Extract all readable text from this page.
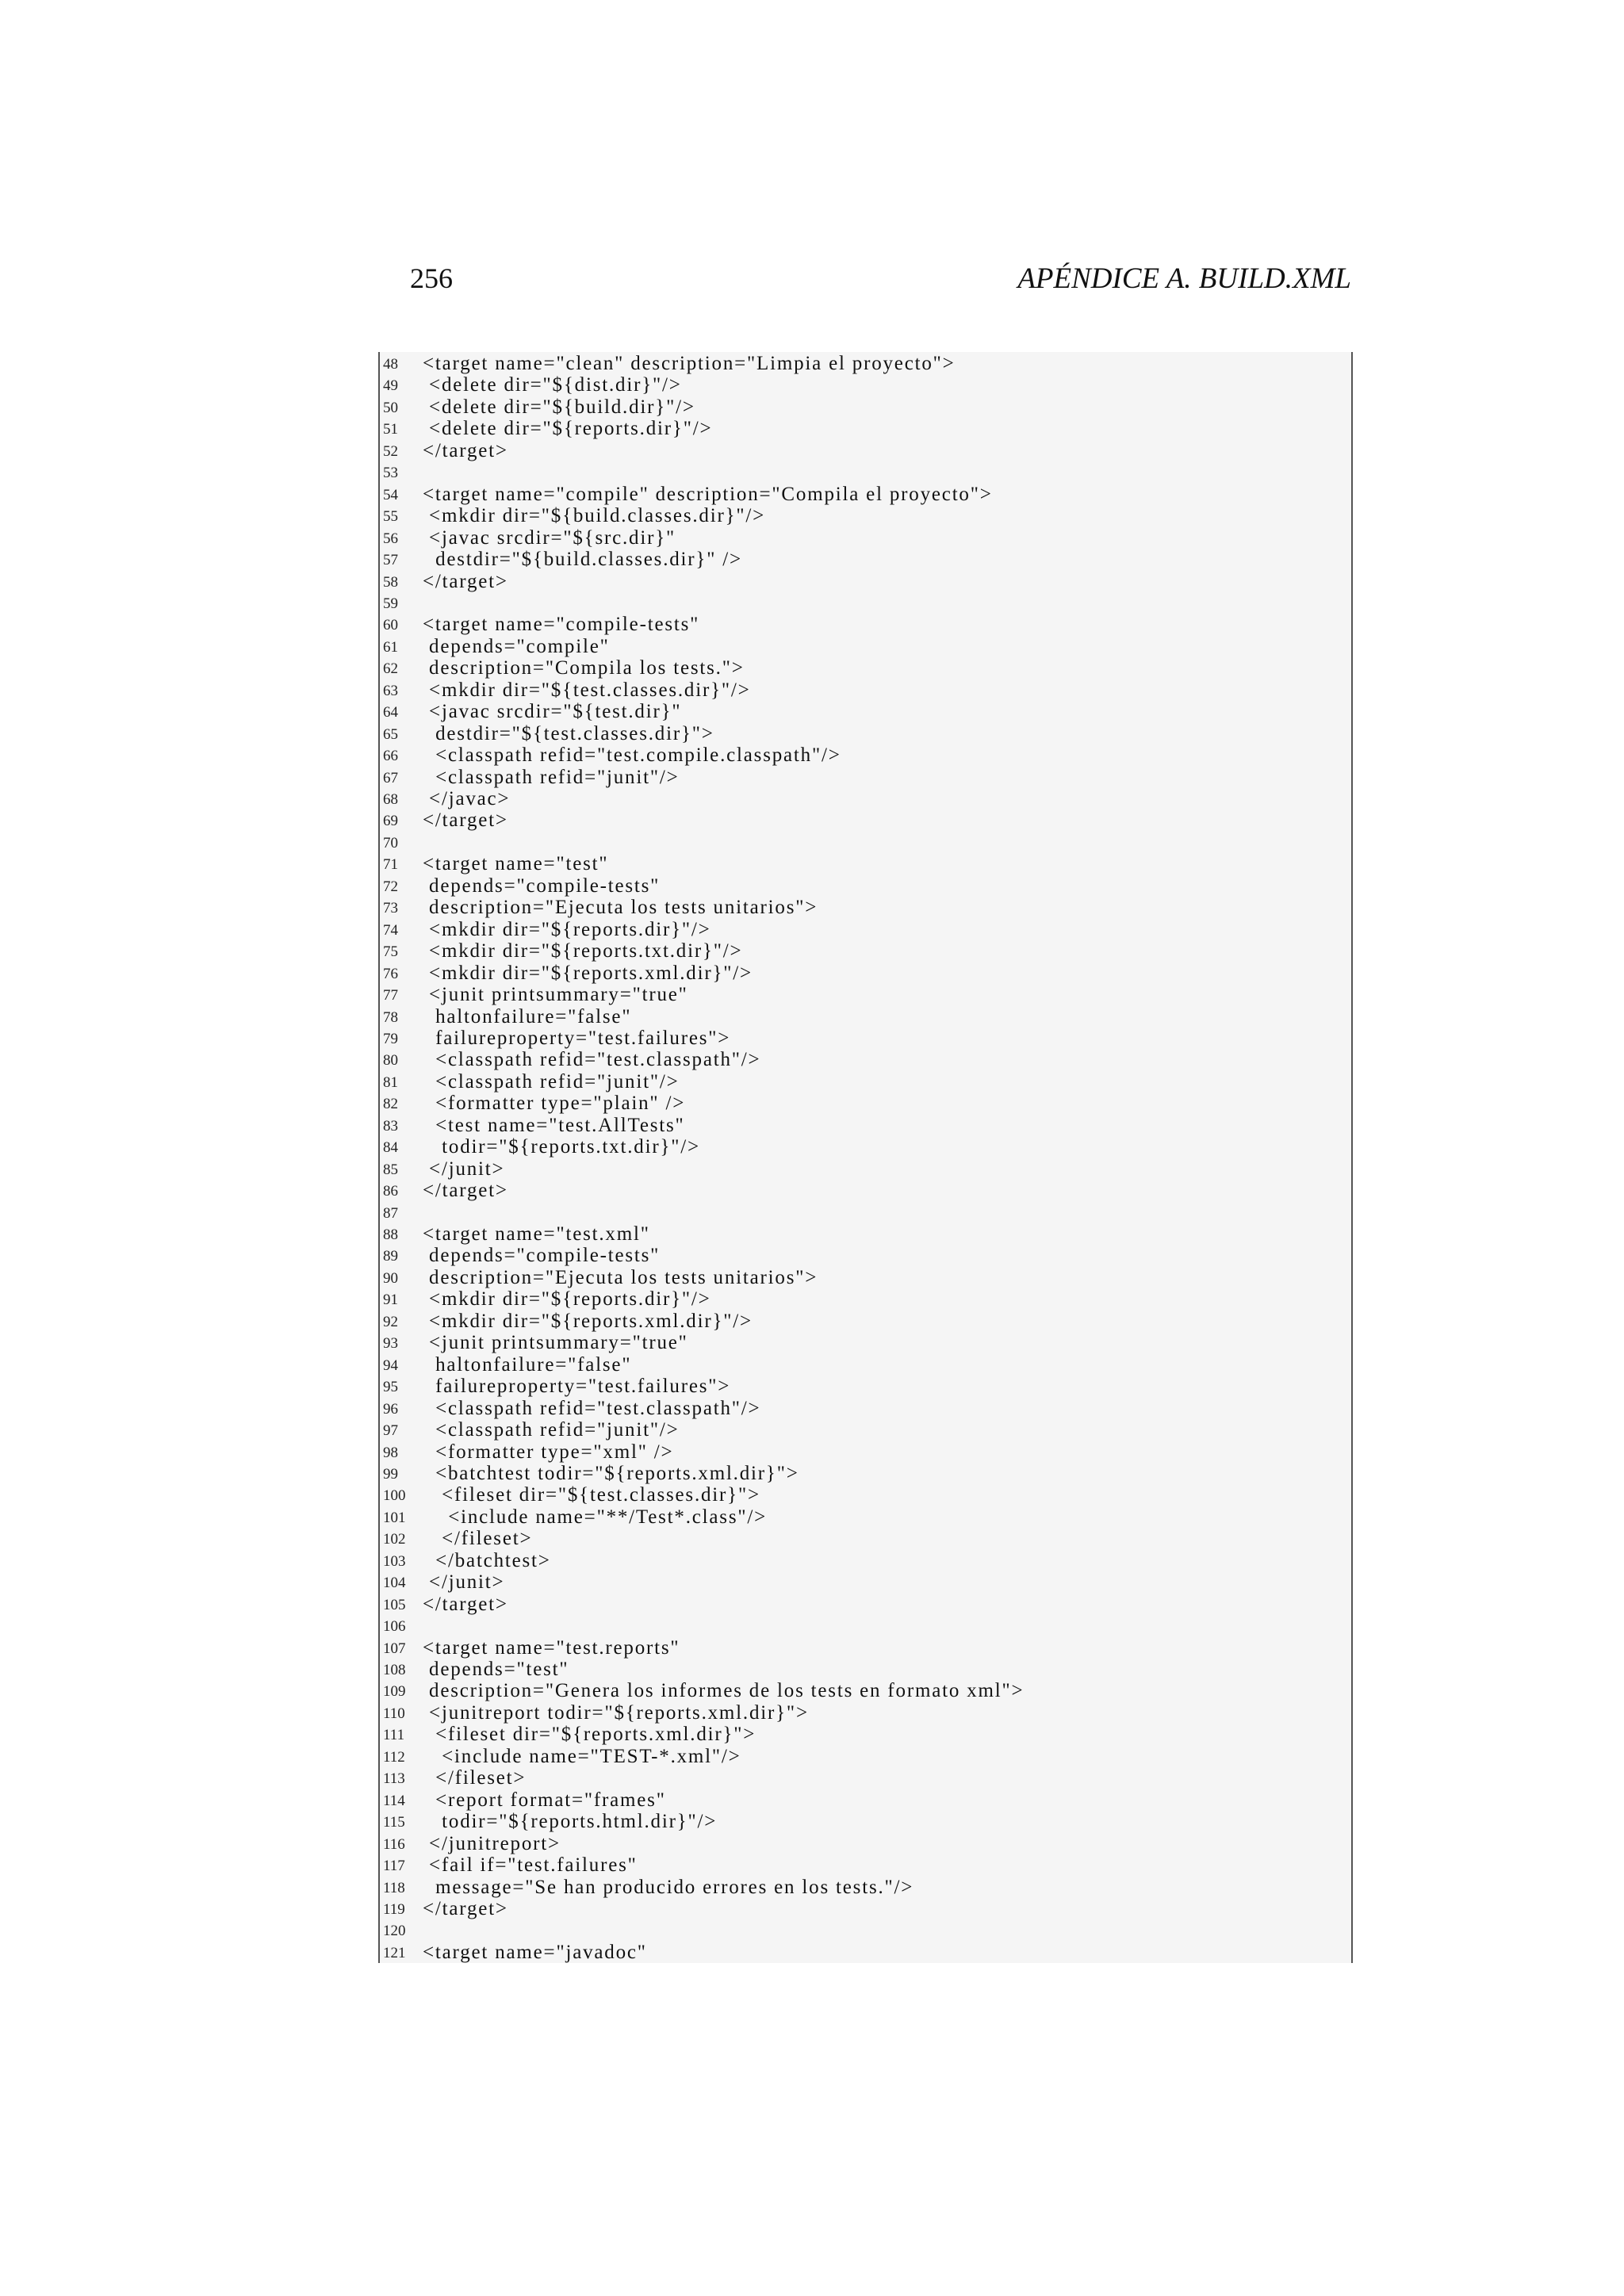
256	APÉNDICE A. BUILD.XML
48 <target name="clean" description="Limpia el proyecto">
49 <delete dir="${dist.dir}"/>
50 <delete dir="${build.dir}"/>
51 <delete dir="${reports.dir}"/>
52 </target>
53
54 <target name="compile" description="Compila el proyecto">
55 <mkdir dir="${build.classes.dir}"/>
56 <javac srcdir="${src.dir}"
57 destdir="${build.classes.dir}" />
58 </target>
59
60 <target name="compile-tests"
61 depends="compile"
62 description="Compila los tests.">
63 <mkdir dir="${test.classes.dir}"/>
64 <javac srcdir="${test.dir}"
65 destdir="${test.classes.dir}">
66 <classpath refid="test.compile.classpath"/>
67 <classpath refid="junit"/>
68 </javac>
69 </target>
70
71 <target name="test"
72 depends="compile-tests"
73 description="Ejecuta los tests unitarios">
74 <mkdir dir="${reports.dir}"/>
75 <mkdir dir="${reports.txt.dir}"/>
76 <mkdir dir="${reports.xml.dir}"/>
77 <junit printsummary="true"
78 haltonfailure="false"
79 failureproperty="test.failures">
80 <classpath refid="test.classpath"/>
81 <classpath refid="junit"/>
82 <formatter type="plain" />
83 <test name="test.AllTests"
84 todir="${reports.txt.dir}"/>
85 </junit>
86 </target>
87
88 <target name="test.xml"
89 depends="compile-tests"
90 description="Ejecuta los tests unitarios">
91 <mkdir dir="${reports.dir}"/>
92 <mkdir dir="${reports.xml.dir}"/>
93 <junit printsummary="true"
94 haltonfailure="false"
95 failureproperty="test.failures">
96 <classpath refid="test.classpath"/>
97 <classpath refid="junit"/>
98 <formatter type="xml" />
99 <batchtest todir="${reports.xml.dir}">
100 <fileset dir="${test.classes.dir}">
101 <include name="**/Test*.class"/>
102 </fileset>
103 </batchtest>
104 </junit>
105 </target>
106
107 <target name="test.reports"
108 depends="test"
109 description="Genera los informes de los tests en formato xml">
110 <junitreport todir="${reports.xml.dir}">
111 <fileset dir="${reports.xml.dir}">
112 <include name="TEST-*.xml"/>
113 </fileset>
114 <report format="frames"
115 todir="${reports.html.dir}"/>
116 </junitreport>
117 <fail if="test.failures"
118 message="Se han producido errores en los tests."/>
119 </target>
120
121 <target name="javadoc"
